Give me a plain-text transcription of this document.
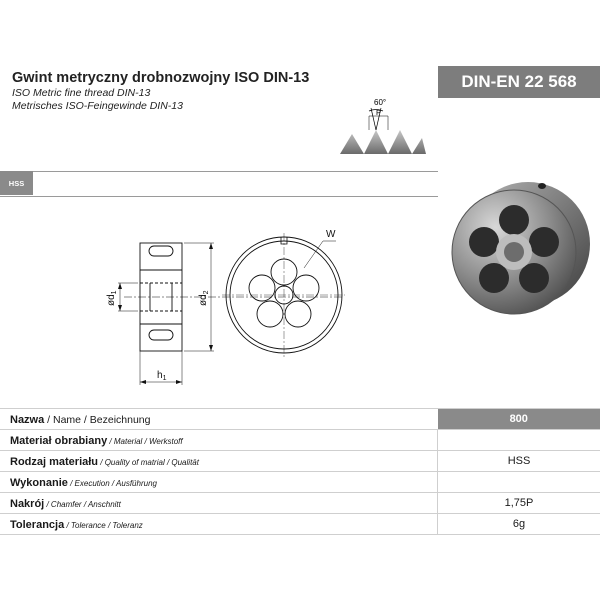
Gwint metryczny drobnozwojny ISO DIN-13
ISO Metric fine thread DIN-13
Metrisches ISO-Feingewinde DIN-13
DIN-EN 22 568
60°
P
HSS
$ød_1$
$ød_2$
$h_1$
W
Nazwa / Name / Bezeichnung	800
Materiał obrabiany / Material / Werkstoff	
Rodzaj materiału / Quality of matrial / Qualität	HSS
Wykonanie / Execution / Ausführung	
Nakrój / Chamfer / Anschnitt	1,75P
Tolerancja / Tolerance / Toleranz	6g
